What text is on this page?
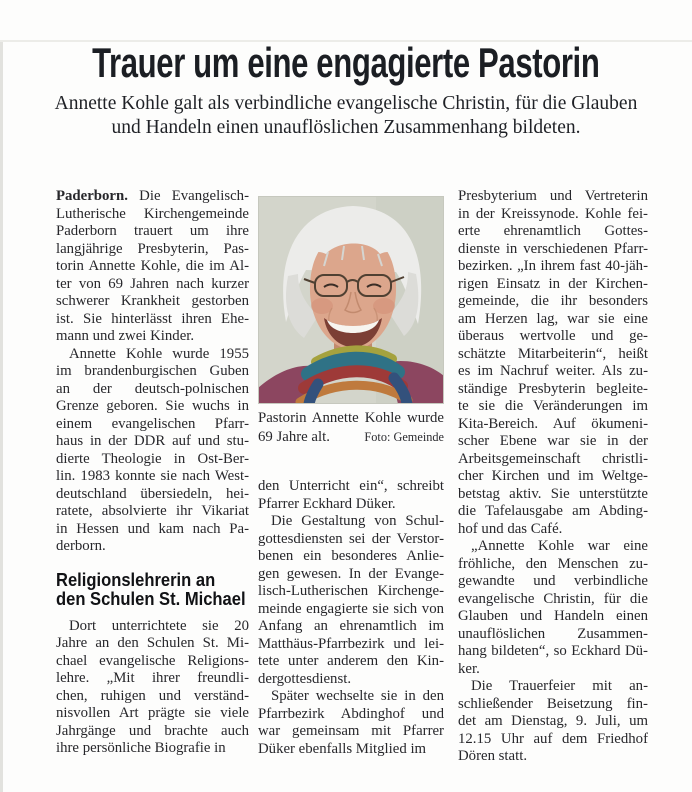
Trauer um eine engagierte Pastorin
Annette Kohle galt als verbindliche evangelische Christin, für die Glauben
und Handeln einen unauflöslichen Zusammenhang bildeten.
Paderborn. Die Evangelisch-
Lutherische Kirchengemeinde
Paderborn trauert um ihre
langjährige Presbyterin, Pas-
torin Annette Kohle, die im Al-
ter von 69 Jahren nach kurzer
schwerer Krankheit gestorben
ist. Sie hinterlässt ihren Ehe-
mann und zwei Kinder.
Annette Kohle wurde 1955
im brandenburgischen Guben
an der deutsch-polnischen
Grenze geboren. Sie wuchs in
einem evangelischen Pfarr-
haus in der DDR auf und stu-
dierte Theologie in Ost-Ber-
lin. 1983 konnte sie nach West-
deutschland übersiedeln, hei-
ratete, absolvierte ihr Vikariat
in Hessen und kam nach Pa-
derborn.
Religionslehrerin an
den Schulen St. Michael
Dort unterrichtete sie 20
Jahre an den Schulen St. Mi-
chael evangelische Religions-
lehre. „Mit ihrer freundli-
chen, ruhigen und verständ-
nisvollen Art prägte sie viele
Jahrgänge und brachte auch
ihre persönliche Biografie in
Pastorin Annette Kohle wurde
69 Jahre alt.	Foto: Gemeinde
den Unterricht ein“, schreibt
Pfarrer Eckhard Düker.
Die Gestaltung von Schul-
gottesdiensten sei der Verstor-
benen ein besonderes Anlie-
gen gewesen. In der Evange-
lisch-Lutherischen Kirchenge-
meinde engagierte sie sich von
Anfang an ehrenamtlich im
Matthäus-Pfarrbezirk und lei-
tete unter anderem den Kin-
dergottesdienst.
Später wechselte sie in den
Pfarrbezirk Abdinghof und
war gemeinsam mit Pfarrer
Düker ebenfalls Mitglied im
Presbyterium und Vertreterin
in der Kreissynode. Kohle fei-
erte ehrenamtlich Gottes-
dienste in verschiedenen Pfarr-
bezirken. „In ihrem fast 40-jäh-
rigen Einsatz in der Kirchen-
gemeinde, die ihr besonders
am Herzen lag, war sie eine
überaus wertvolle und ge-
schätzte Mitarbeiterin“, heißt
es im Nachruf weiter. Als zu-
ständige Presbyterin begleite-
te sie die Veränderungen im
Kita-Bereich. Auf ökumeni-
scher Ebene war sie in der
Arbeitsgemeinschaft christli-
cher Kirchen und im Weltge-
betstag aktiv. Sie unterstützte
die Tafelausgabe am Abding-
hof und das Café.
„Annette Kohle war eine
fröhliche, den Menschen zu-
gewandte und verbindliche
evangelische Christin, für die
Glauben und Handeln einen
unauflöslichen Zusammen-
hang bildeten“, so Eckhard Dü-
ker.
Die Trauerfeier mit an-
schließender Beisetzung fin-
det am Dienstag, 9. Juli, um
12.15 Uhr auf dem Friedhof
Dören statt.
